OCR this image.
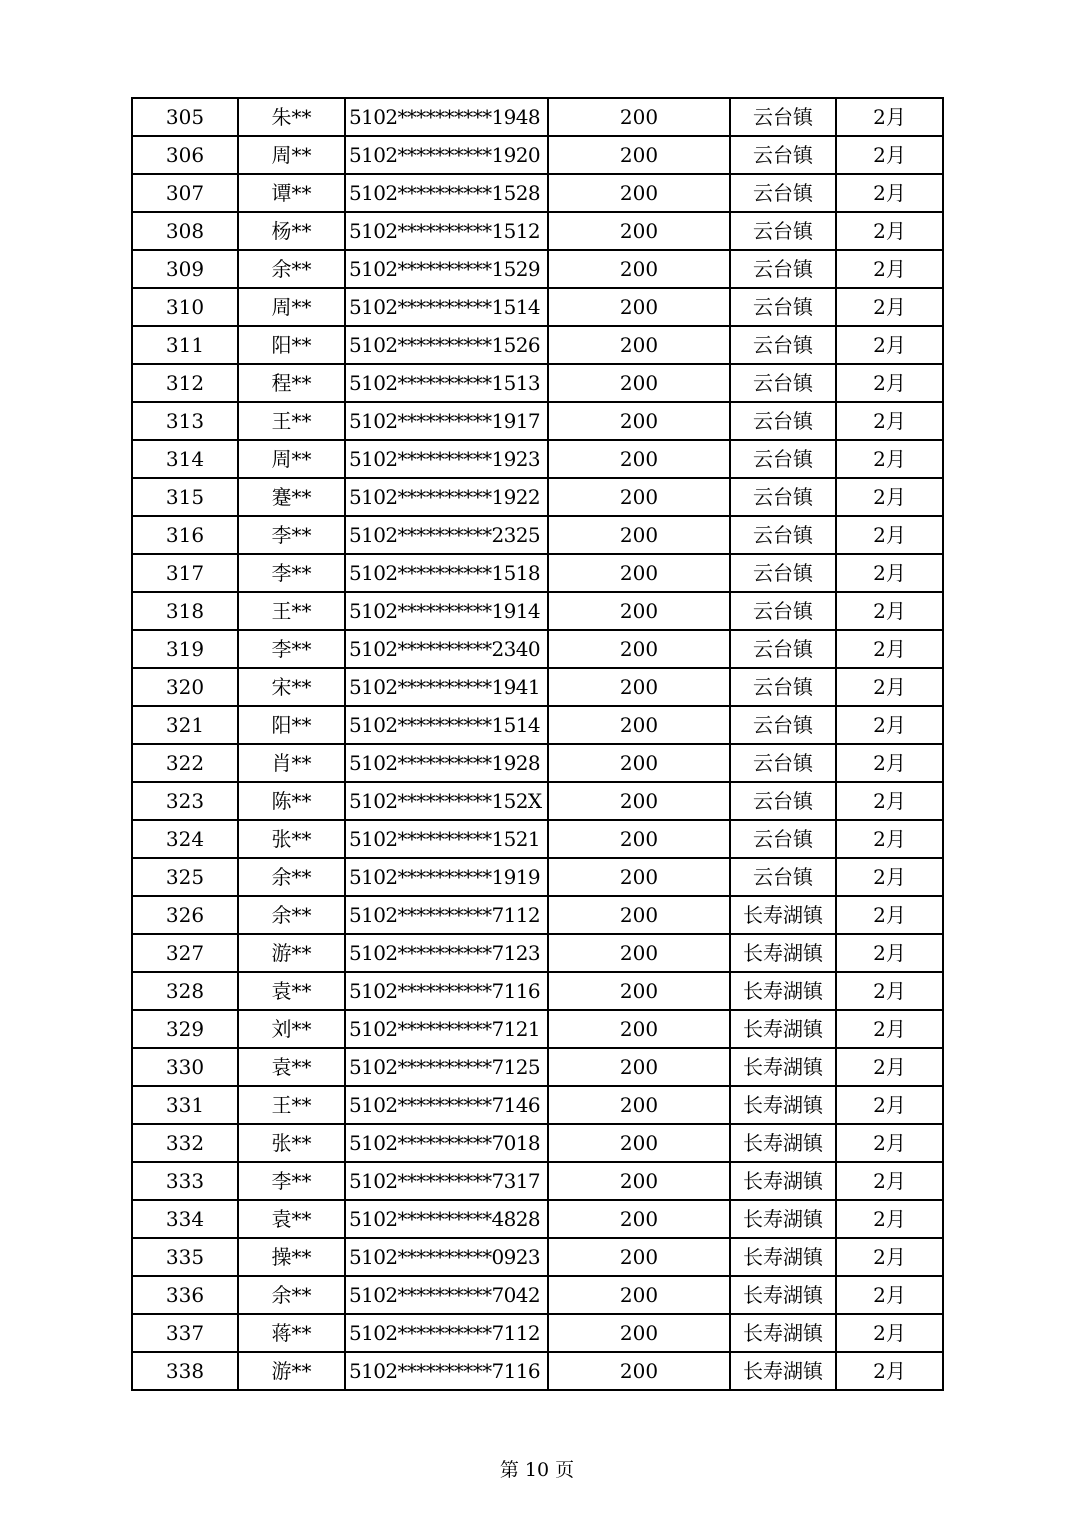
305	朱**	5102**********1948	200	云台镇	2月
306	周**	5102**********1920	200	云台镇	2月
307	谭**	5102**********1528	200	云台镇	2月
308	杨**	5102**********1512	200	云台镇	2月
309	余**	5102**********1529	200	云台镇	2月
310	周**	5102**********1514	200	云台镇	2月
311	阳**	5102**********1526	200	云台镇	2月
312	程**	5102**********1513	200	云台镇	2月
313	王**	5102**********1917	200	云台镇	2月
314	周**	5102**********1923	200	云台镇	2月
315	蹇**	5102**********1922	200	云台镇	2月
316	李**	5102**********2325	200	云台镇	2月
317	李**	5102**********1518	200	云台镇	2月
318	王**	5102**********1914	200	云台镇	2月
319	李**	5102**********2340	200	云台镇	2月
320	宋**	5102**********1941	200	云台镇	2月
321	阳**	5102**********1514	200	云台镇	2月
322	肖**	5102**********1928	200	云台镇	2月
323	陈**	5102**********152X	200	云台镇	2月
324	张**	5102**********1521	200	云台镇	2月
325	余**	5102**********1919	200	云台镇	2月
326	余**	5102**********7112	200	长寿湖镇	2月
327	游**	5102**********7123	200	长寿湖镇	2月
328	袁**	5102**********7116	200	长寿湖镇	2月
329	刘**	5102**********7121	200	长寿湖镇	2月
330	袁**	5102**********7125	200	长寿湖镇	2月
331	王**	5102**********7146	200	长寿湖镇	2月
332	张**	5102**********7018	200	长寿湖镇	2月
333	李**	5102**********7317	200	长寿湖镇	2月
334	袁**	5102**********4828	200	长寿湖镇	2月
335	操**	5102**********0923	200	长寿湖镇	2月
336	余**	5102**********7042	200	长寿湖镇	2月
337	蒋**	5102**********7112	200	长寿湖镇	2月
338	游**	5102**********7116	200	长寿湖镇	2月
第 10 页
